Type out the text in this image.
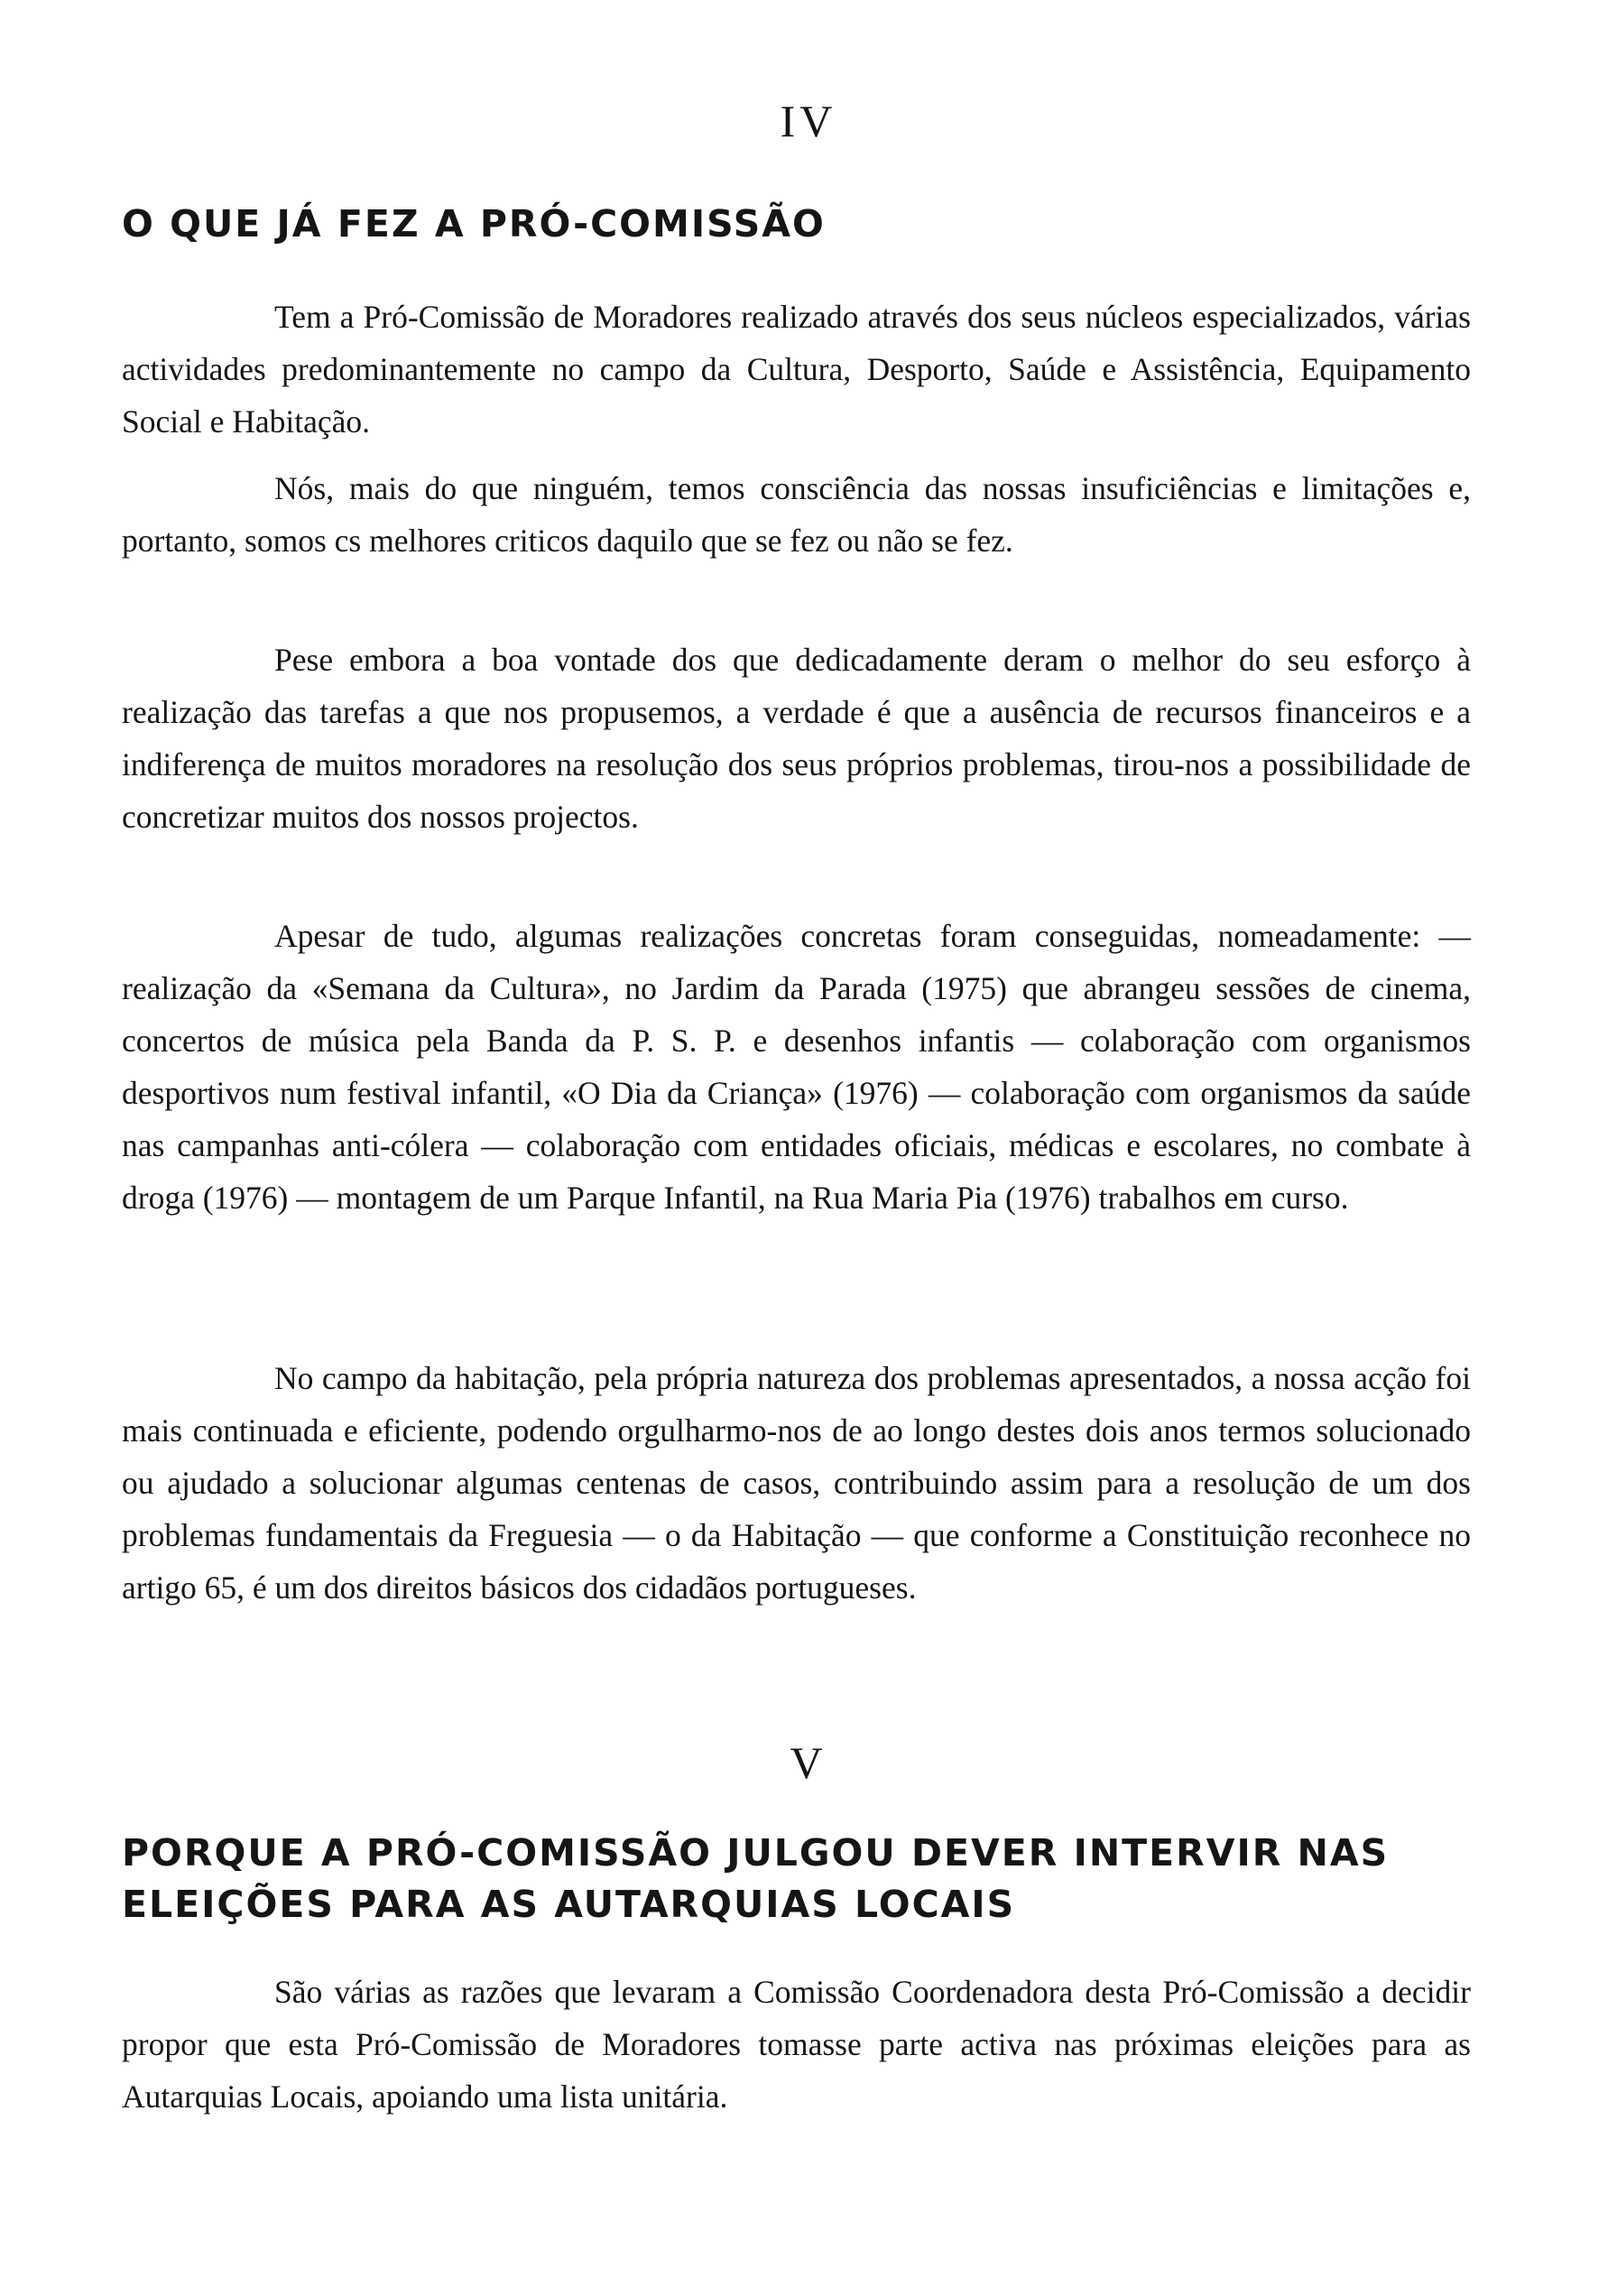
IV
O QUE JÁ FEZ A PRÓ-COMISSÃO

Tem a Pró-Comissão de Moradores realizado através dos seus núcleos especializados, várias actividades predominantemente no campo da Cultura, Desporto, Saúde e Assistência, Equipamento Social e Habitação.

Nós, mais do que ninguém, temos consciência das nossas insuficiências e limitações e, portanto, somos cs melhores criticos daquilo que se fez ou não se fez.

Pese embora a boa vontade dos que dedicadamente deram o melhor do seu esforço à realização das tarefas a que nos propusemos, a verdade é que a ausência de recursos financeiros e a indiferença de muitos moradores na resolução dos seus próprios problemas, tirou-nos a possibilidade de concretizar muitos dos nossos projectos.

Apesar de tudo, algumas realizações concretas foram conseguidas, nomeadamente: — realização da «Semana da Cultura», no Jardim da Parada (1975) que abrangeu sessões de cinema, concertos de música pela Banda da P. S. P. e desenhos infantis — colaboração com organismos desportivos num festival infantil, «O Dia da Criança» (1976) — colaboração com organismos da saúde nas campanhas anti-cólera — colaboração com entidades oficiais, médicas e escolares, no combate à droga (1976) — montagem de um Parque Infantil, na Rua Maria Pia (1976) trabalhos em curso.

No campo da habitação, pela própria natureza dos problemas apresentados, a nossa acção foi mais continuada e eficiente, podendo orgulharmo-nos de ao longo destes dois anos termos solucionado ou ajudado a solucionar algumas centenas de casos, contribuindo assim para a resolução de um dos problemas fundamentais da Freguesia — o da Habitação — que conforme a Constituição reconhece no artigo 65, é um dos direitos básicos dos cidadãos portugueses.

V
PORQUE A PRÓ-COMISSÃO JULGOU DEVER INTERVIR NAS ELEIÇÕES PARA AS AUTARQUIAS LOCAIS

São várias as razões que levaram a Comissão Coordenadora desta Pró-Comissão a decidir propor que esta Pró-Comissão de Moradores tomasse parte activa nas próximas eleições para as Autarquias Locais, apoiando uma lista unitária.
